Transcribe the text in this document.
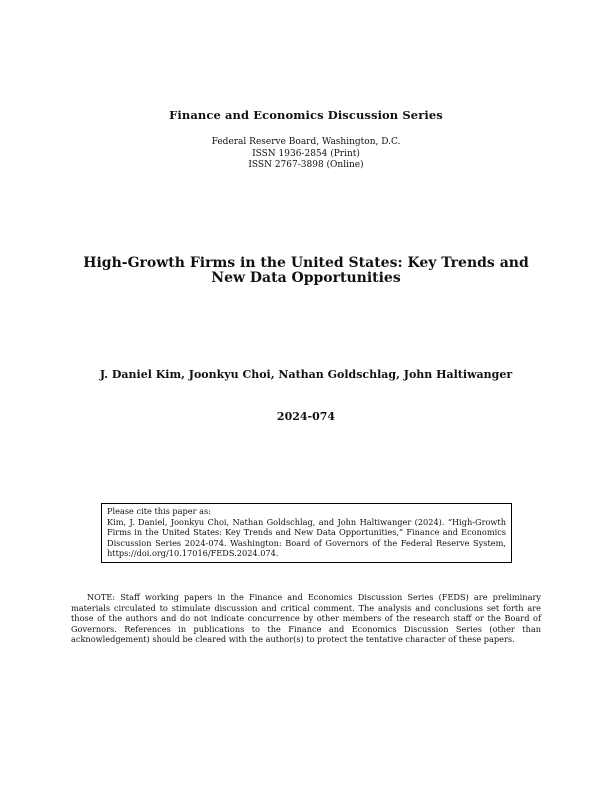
Finance and Economics Discussion Series
Federal Reserve Board, Washington, D.C.
ISSN 1936-2854 (Print)
ISSN 2767-3898 (Online)
High-Growth Firms in the United States: Key Trends and New Data Opportunities
J. Daniel Kim, Joonkyu Choi, Nathan Goldschlag, John Haltiwanger
2024-074
Please cite this paper as:
Kim, J. Daniel, Joonkyu Choi, Nathan Goldschlag, and John Haltiwanger (2024). “High-Growth Firms in the United States: Key Trends and New Data Opportunities,” Finance and Economics Discussion Series 2024-074. Washington: Board of Governors of the Federal Reserve System, https://doi.org/10.17016/FEDS.2024.074.
NOTE: Staff working papers in the Finance and Economics Discussion Series (FEDS) are preliminary materials circulated to stimulate discussion and critical comment. The analysis and conclusions set forth are those of the authors and do not indicate concurrence by other members of the research staff or the Board of Governors. References in publications to the Finance and Economics Discussion Series (other than acknowledgement) should be cleared with the author(s) to protect the tentative character of these papers.
